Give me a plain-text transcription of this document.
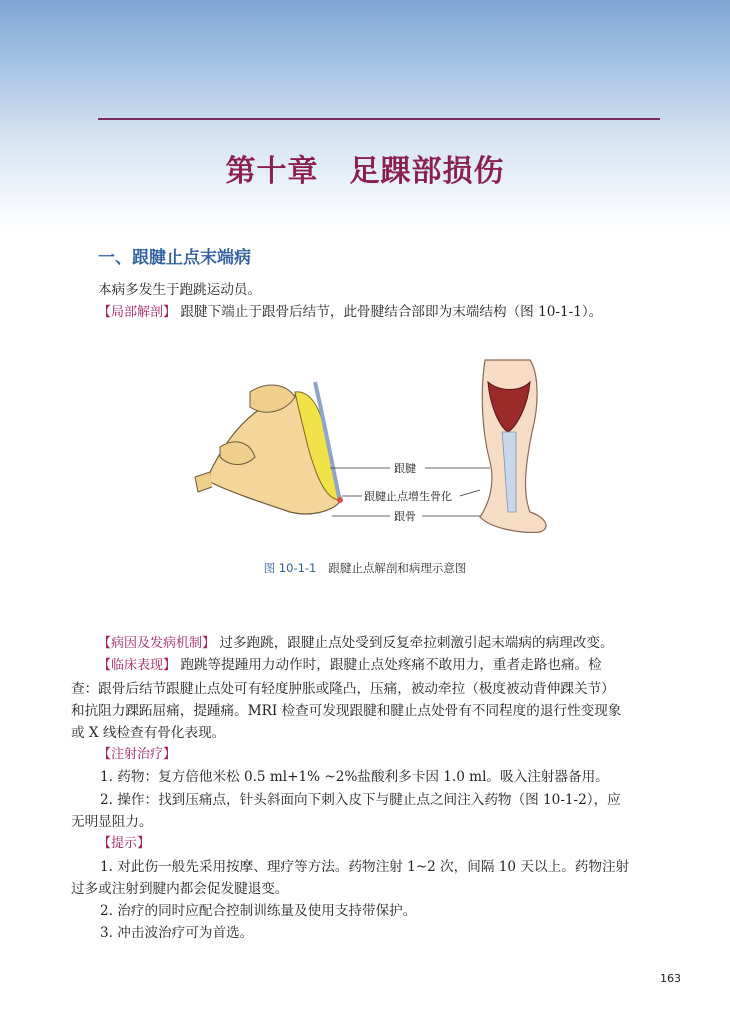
第十章　足踝部损伤
一、跟腱止点末端病
本病多发生于跑跳运动员。
【局部解剖】 跟腱下端止于跟骨后结节，此骨腱结合部即为末端结构（图 10-1-1）。
跟腱
跟腱止点增生骨化
跟骨
图 10-1-1 跟腱止点解剖和病理示意图
【病因及发病机制】 过多跑跳，跟腱止点处受到反复牵拉刺激引起末端病的病理改变。
【临床表现】 跑跳等提踵用力动作时，跟腱止点处疼痛不敢用力，重者走路也痛。检
查：跟骨后结节跟腱止点处可有轻度肿胀或隆凸，压痛，被动牵拉（极度被动背伸踝关节）
和抗阻力踝跖屈痛，提踵痛。MRI 检查可发现跟腱和腱止点处骨有不同程度的退行性变现象
或 X 线检查有骨化表现。
【注射治疗】
1. 药物：复方倍他米松 0.5 ml+1% ~2%盐酸利多卡因 1.0 ml。吸入注射器备用。
2. 操作：找到压痛点，针头斜面向下刺入皮下与腱止点之间注入药物（图 10-1-2），应
无明显阻力。
【提示】
1. 对此伤一般先采用按摩、理疗等方法。药物注射 1~2 次，间隔 10 天以上。药物注射
过多或注射到腱内都会促发腱退变。
2. 治疗的同时应配合控制训练量及使用支持带保护。
3. 冲击波治疗可为首选。
163
